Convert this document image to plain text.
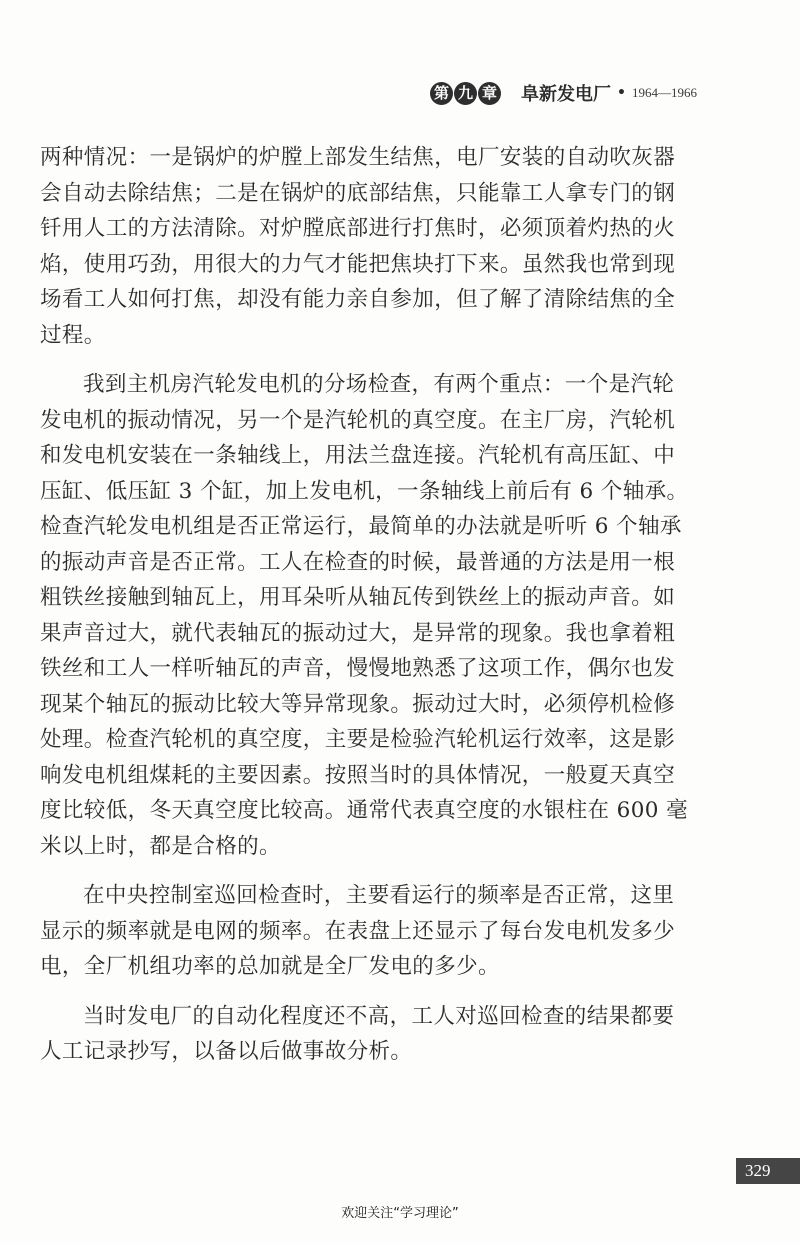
第 九 章 阜新发电厂 • 1964—1966

两种情况：一是锅炉的炉膛上部发生结焦，电厂安装的自动吹灰器会自动去除结焦；二是在锅炉的底部结焦，只能靠工人拿专门的钢钎用人工的方法清除。对炉膛底部进行打焦时，必须顶着灼热的火焰，使用巧劲，用很大的力气才能把焦块打下来。虽然我也常到现场看工人如何打焦，却没有能力亲自参加，但了解了清除结焦的全过程。

我到主机房汽轮发电机的分场检查，有两个重点：一个是汽轮发电机的振动情况，另一个是汽轮机的真空度。在主厂房，汽轮机和发电机安装在一条轴线上，用法兰盘连接。汽轮机有高压缸、中压缸、低压缸 3 个缸，加上发电机，一条轴线上前后有 6 个轴承。检查汽轮发电机组是否正常运行，最简单的办法就是听听 6 个轴承的振动声音是否正常。工人在检查的时候，最普通的方法是用一根粗铁丝接触到轴瓦上，用耳朵听从轴瓦传到铁丝上的振动声音。如果声音过大，就代表轴瓦的振动过大，是异常的现象。我也拿着粗铁丝和工人一样听轴瓦的声音，慢慢地熟悉了这项工作，偶尔也发现某个轴瓦的振动比较大等异常现象。振动过大时，必须停机检修处理。检查汽轮机的真空度，主要是检验汽轮机运行效率，这是影响发电机组煤耗的主要因素。按照当时的具体情况，一般夏天真空度比较低，冬天真空度比较高。通常代表真空度的水银柱在 600 毫米以上时，都是合格的。

在中央控制室巡回检查时，主要看运行的频率是否正常，这里显示的频率就是电网的频率。在表盘上还显示了每台发电机发多少电，全厂机组功率的总加就是全厂发电的多少。

当时发电厂的自动化程度还不高，工人对巡回检查的结果都要人工记录抄写，以备以后做事故分析。

329
欢迎关注“学习理论”
